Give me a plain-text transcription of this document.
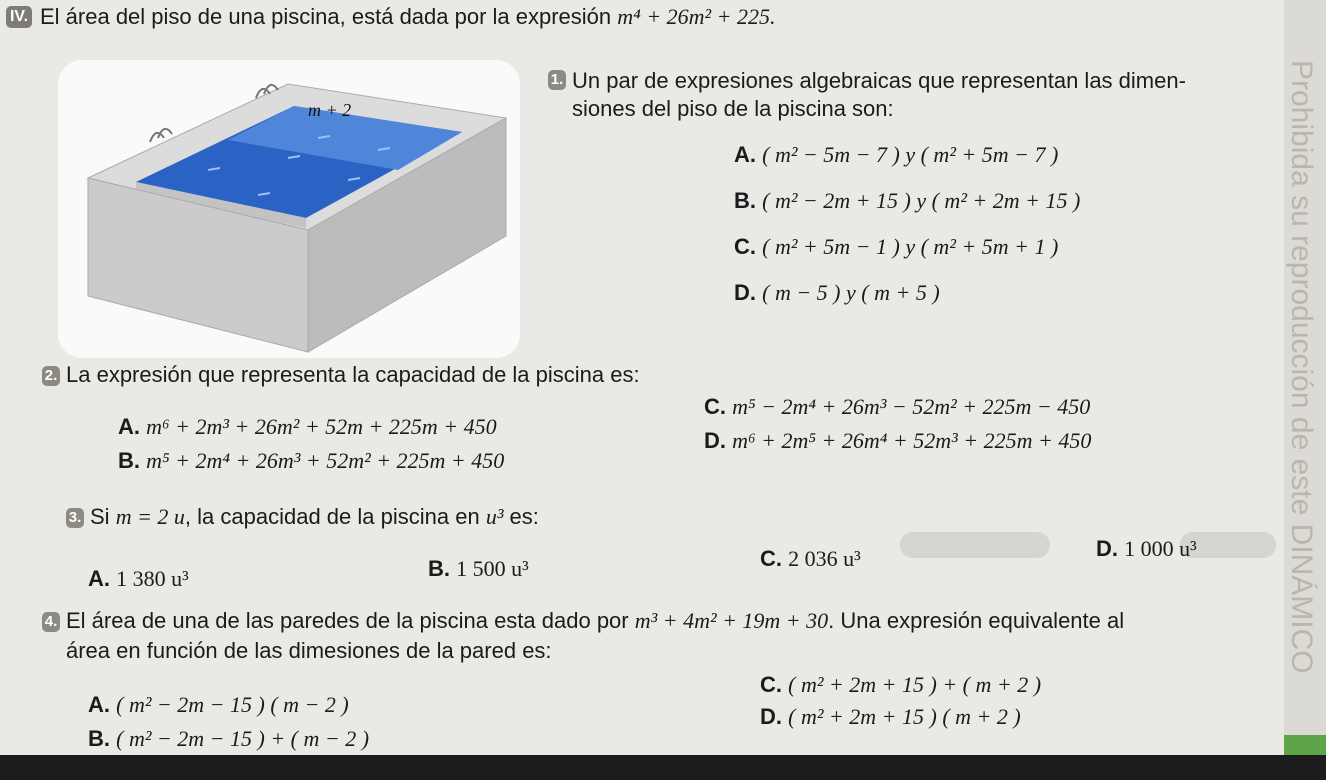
Prohibida su reproducción de este DINÁMICO
IV. El área del piso de una piscina, está dada por la expresión m⁴ + 26m² + 225.
m + 2
1. Un par de expresiones algebraicas que representan las dimen-
siones del piso de la piscina son:
A. ( m² − 5m − 7 ) y ( m² + 5m − 7 )
B. ( m² − 2m + 15 ) y ( m² + 2m + 15 )
C. ( m² + 5m − 1 ) y ( m² + 5m + 1 )
D. ( m − 5 ) y ( m + 5 )
2. La expresión que representa la capacidad de la piscina es:
A. m⁶ + 2m³ + 26m² + 52m + 225m + 450
B. m⁵ + 2m⁴ + 26m³ + 52m² + 225m + 450
C. m⁵ − 2m⁴ + 26m³ − 52m² + 225m − 450
D. m⁶ + 2m⁵ + 26m⁴ + 52m³ + 225m + 450
3. Si m = 2 u, la capacidad de la piscina en u³ es:
A. 1 380 u³	B. 1 500 u³	C. 2 036 u³	D. 1 000 u³
4. El área de una de las paredes de la piscina esta dado por m³ + 4m² + 19m + 30. Una expresión equivalente al
área en función de las dimesiones de la pared es:
A. ( m² − 2m − 15 ) ( m − 2 )
B. ( m² − 2m − 15 ) + ( m − 2 )
C. ( m² + 2m + 15 ) + ( m + 2 )
D. ( m² + 2m + 15 ) ( m + 2 )
